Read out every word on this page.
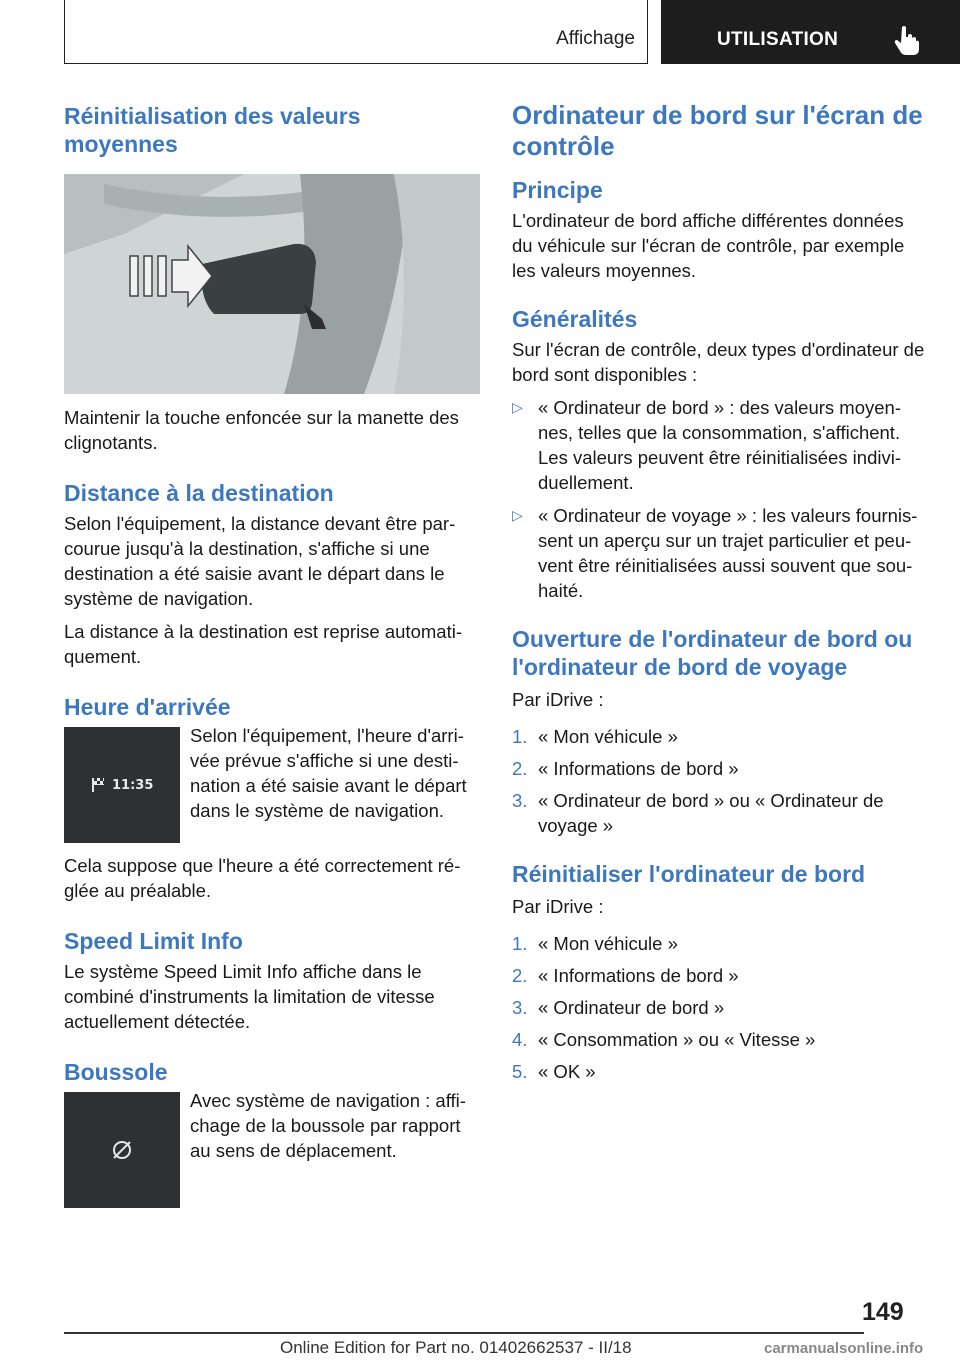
Affichage	UTILISATION
Réinitialisation des valeurs moyennes

Maintenir la touche enfoncée sur la manette des clignotants.

Distance à la destination

Selon l'équipement, la distance devant être par-courue jusqu'à la destination, s'affiche si une destination a été saisie avant le départ dans le système de navigation.

La distance à la destination est reprise automati-quement.

Heure d'arrivée
11:35

Selon l'équipement, l'heure d'arri-vée prévue s'affiche si une desti-nation a été saisie avant le départ dans le système de navigation.

Cela suppose que l'heure a été correctement ré-glée au préalable.

Speed Limit Info

Le système Speed Limit Info affiche dans le combiné d'instruments la limitation de vitesse actuellement détectée.

Boussole

Avec système de navigation : affi-chage de la boussole par rapport au sens de déplacement.

Ordinateur de bord sur l'écran de contrôle
Principe

L'ordinateur de bord affiche différentes données du véhicule sur l'écran de contrôle, par exemple les valeurs moyennes.

Généralités

Sur l'écran de contrôle, deux types d'ordinateur de bord sont disponibles :

▷ « Ordinateur de bord » : des valeurs moyen-nes, telles que la consommation, s'affichent. Les valeurs peuvent être réinitialisées indivi-duellement.
▷ « Ordinateur de voyage » : les valeurs fournis-sent un aperçu sur un trajet particulier et peu-vent être réinitialisées aussi souvent que sou-haité.
Ouverture de l'ordinateur de bord ou l'ordinateur de bord de voyage

Par iDrive :

1. « Mon véhicule »
2. « Informations de bord »
3. « Ordinateur de bord » ou « Ordinateur de voyage »
Réinitialiser l'ordinateur de bord

Par iDrive :

1. « Mon véhicule »
2. « Informations de bord »
3. « Ordinateur de bord »
4. « Consommation » ou « Vitesse »
5. « OK »
149
Online Edition for Part no. 01402662537 - II/18	carmanualsonline.info
